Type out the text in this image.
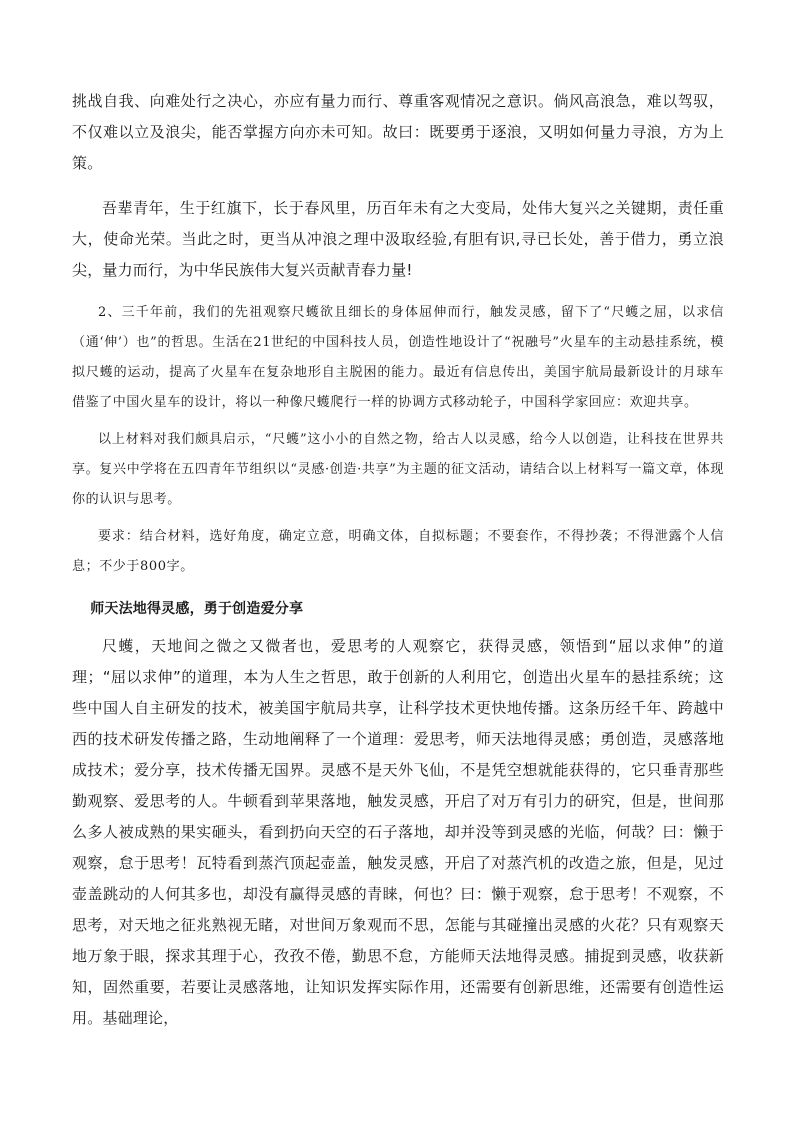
挑战自我、向难处行之决心，亦应有量力而行、尊重客观情况之意识。倘风高浪急，难以驾驭，不仅难以立及浪尖，能否掌握方向亦未可知。故曰：既要勇于逐浪，又明如何量力寻浪，方为上策。

吾辈青年，生于红旗下，长于春风里，历百年未有之大变局，处伟大复兴之关键期，责任重大，使命光荣。当此之时，更当从冲浪之理中汲取经验,有胆有识,寻已长处，善于借力，勇立浪尖，量力而行，为中华民族伟大复兴贡献青春力量!

2、三千年前，我们的先祖观察尺蠖欲且细长的身体屈伸而行，触发灵感，留下了“尺蠖之屈，以求信（通‘伸’）也”的哲思。生活在21世纪的中国科技人员，创造性地设计了“祝融号”火星车的主动悬挂系统，模拟尺蠖的运动，提高了火星车在复杂地形自主脱困的能力。最近有信息传出，美国宇航局最新设计的月球车借鉴了中国火星车的设计，将以一种像尺蠖爬行一样的协调方式移动轮子，中国科学家回应：欢迎共享。

以上材料对我们颇具启示，“尺蠖”这小小的自然之物，给古人以灵感，给今人以创造，让科技在世界共享。复兴中学将在五四青年节组织以“灵感·创造·共享”为主题的征文活动，请结合以上材料写一篇文章，体现你的认识与思考。

要求：结合材料，选好角度，确定立意，明确文体，自拟标题；不要套作，不得抄袭；不得泄露个人信息；不少于800字。

师天法地得灵感，勇于创造爱分享

尺蠖，天地间之微之又微者也，爱思考的人观察它，获得灵感，领悟到“屈以求伸”的道理；“屈以求伸”的道理，本为人生之哲思，敢于创新的人利用它，创造出火星车的悬挂系统；这些中国人自主研发的技术，被美国宇航局共享，让科学技术更快地传播。这条历经千年、跨越中西的技术研发传播之路，生动地阐释了一个道理：爱思考，师天法地得灵感；勇创造，灵感落地成技术；爱分享，技术传播无国界。灵感不是天外飞仙，不是凭空想就能获得的，它只垂青那些勤观察、爱思考的人。牛顿看到苹果落地，触发灵感，开启了对万有引力的研究，但是，世间那么多人被成熟的果实砸头，看到扔向天空的石子落地，却并没等到灵感的光临，何哉？曰：懒于观察，怠于思考！瓦特看到蒸汽顶起壶盖，触发灵感，开启了对蒸汽机的改造之旅，但是，见过壶盖跳动的人何其多也，却没有赢得灵感的青睐，何也？曰：懒于观察，怠于思考！不观察，不思考，对天地之征兆熟视无睹，对世间万象观而不思，怎能与其碰撞出灵感的火花？只有观察天地万象于眼，探求其理于心，孜孜不倦，勤思不怠，方能师天法地得灵感。捕捉到灵感，收获新知，固然重要，若要让灵感落地，让知识发挥实际作用，还需要有创新思维，还需要有创造性运用。基础理论，
